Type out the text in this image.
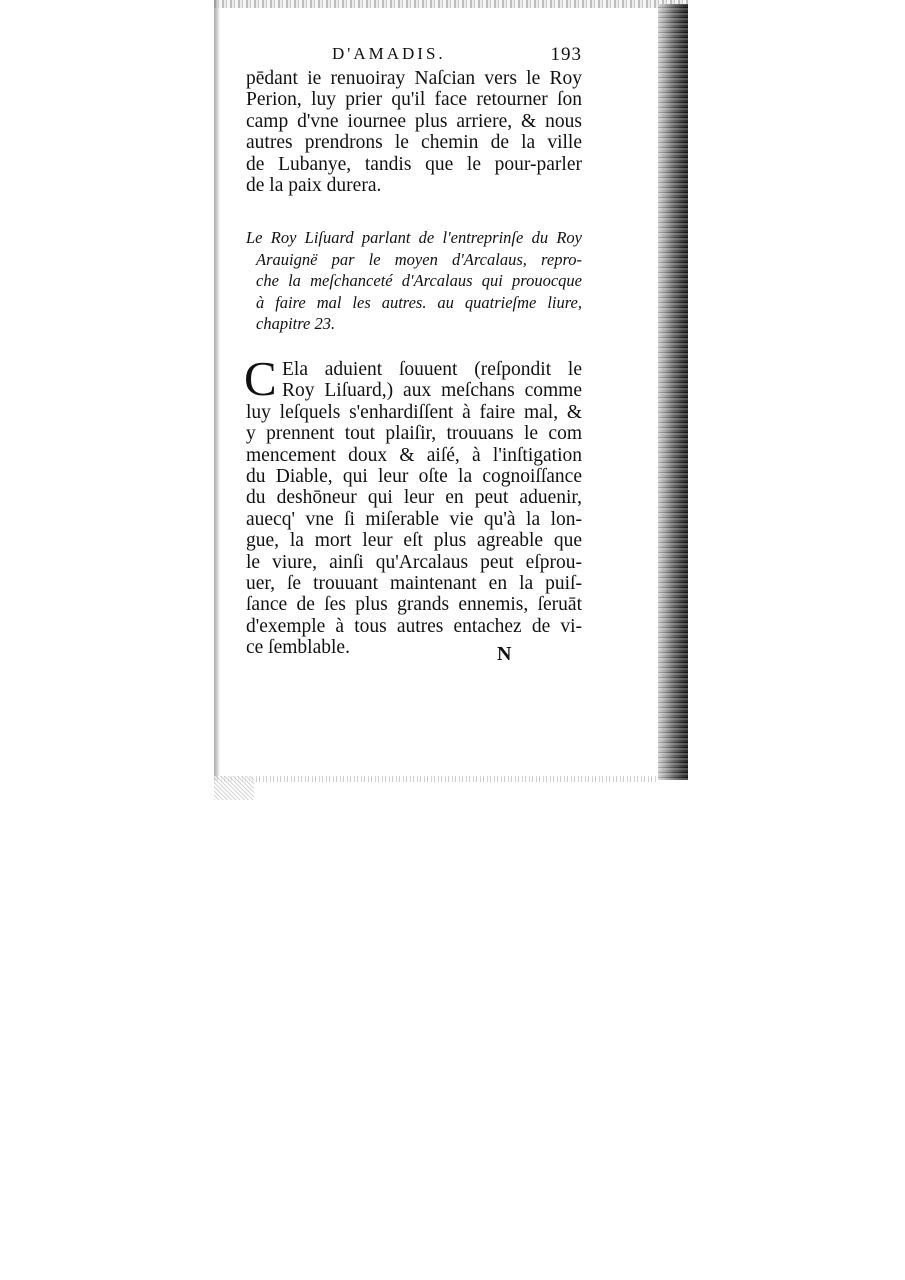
D'AMADIS.	193
pēdant ie renuoiray Naſcian vers le Roy
Perion, luy prier qu'il face retourner ſon
camp d'vne iournee plus arriere, & nous
autres prendrons le chemin de la ville
de Lubanye, tandis que le pour-parler
de la paix durera.
Le Roy Liſuard parlant de l'entreprinſe du Roy
Arauignë par le moyen d'Arcalaus, repro-
che la meſchanceté d'Arcalaus qui prouocque
à faire mal les autres. au quatrieſme liure,
chapitre 23.
C Ela aduient ſouuent (reſpondit le
Roy Liſuard,) aux meſchans comme
luy leſquels s'enhardiſſent à faire mal, &
y prennent tout plaiſir, trouuans le com
mencement doux & aiſé, à l'inſtigation
du Diable, qui leur oſte la cognoiſſance
du deshōneur qui leur en peut aduenir,
auecq' vne ſi miſerable vie qu'à la lon-
gue, la mort leur eſt plus agreable que
le viure, ainſi qu'Arcalaus peut eſprou-
uer, ſe trouuant maintenant en la puiſ-
ſance de ſes plus grands ennemis, ſeruāt
d'exemple à tous autres entachez de vi-
ce ſemblable.	N
